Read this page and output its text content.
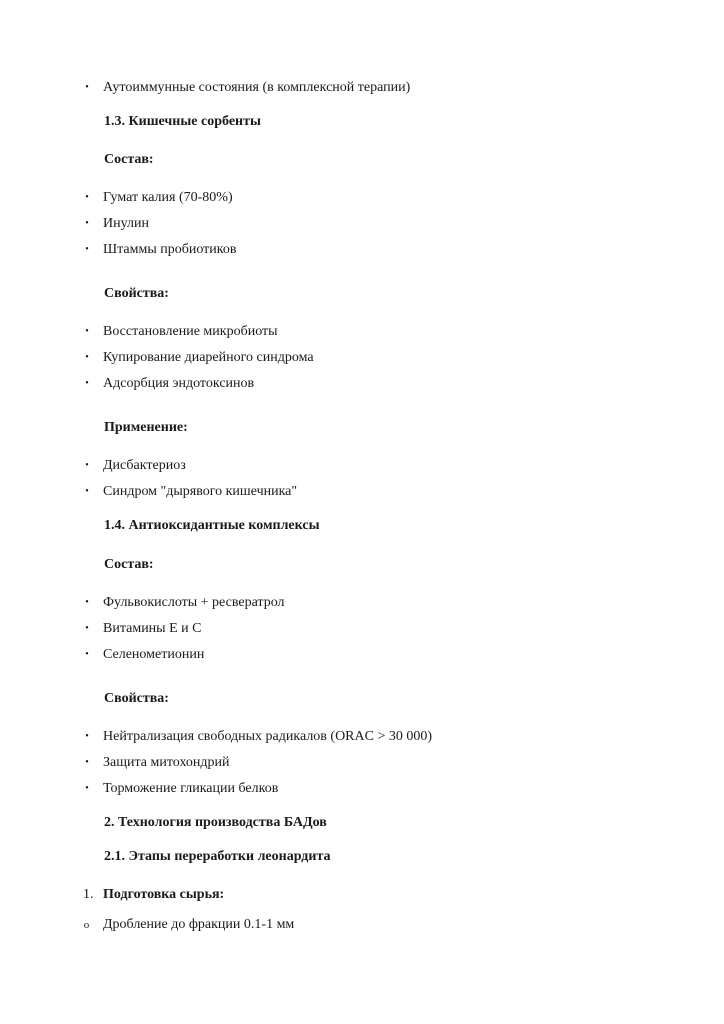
• Аутоиммунные состояния (в комплексной терапии)
1.3. Кишечные сорбенты
Состав:
• Гумат калия (70-80%)
• Инулин
• Штаммы пробиотиков
Свойства:
• Восстановление микробиоты
• Купирование диарейного синдрома
• Адсорбция эндотоксинов
Применение:
• Дисбактериоз
• Синдром "дырявого кишечника"
1.4. Антиоксидантные комплексы
Состав:
• Фульвокислоты + ресвератрол
• Витамины Е и С
• Селенометионин
Свойства:
• Нейтрализация свободных радикалов (ORAC > 30 000)
• Защита митохондрий
• Торможение гликации белков
2. Технология производства БАДов
2.1. Этапы переработки леонардита
1. Подготовка сырья:
o Дробление до фракции 0.1-1 мм
